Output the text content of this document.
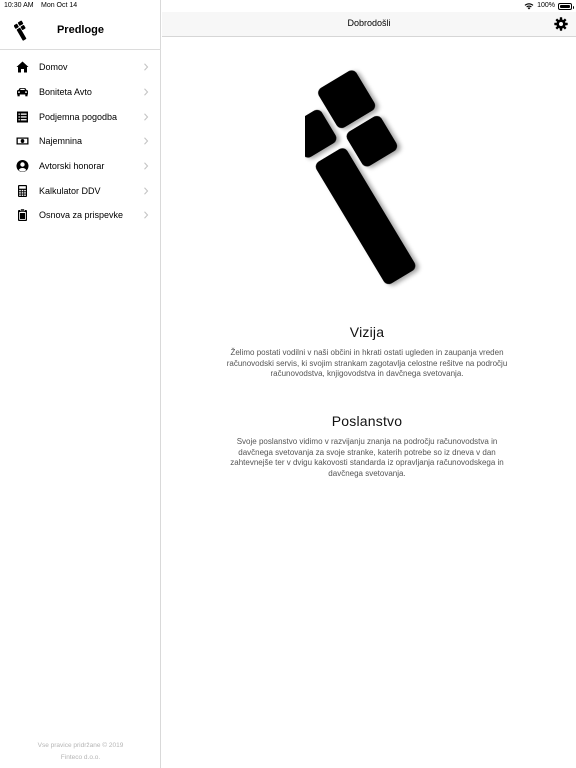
10:30 AM Mon Oct 14	100%
Predloge
Domov
Boniteta Avto
Podjemna pogodba
Najemnina
Avtorski honorar
Kalkulator DDV
Osnova za prispevke
Vse pravice pridržane © 2019
Finteco d.o.o.
Dobrodošli
Vizija

Želimo postati vodilni v naši občini in hkrati ostati ugleden in zaupanja vreden računovodski servis, ki svojim strankam zagotavlja celostne rešitve na področju računovodstva, knjigovodstva in davčnega svetovanja.

Poslanstvo

Svoje poslanstvo vidimo v razvijanju znanja na področju računovodstva in davčnega svetovanja za svoje stranke, katerih potrebe so iz dneva v dan zahtevnejše ter v dvigu kakovosti standarda iz opravljanja računovodskega in davčnega svetovanja.
